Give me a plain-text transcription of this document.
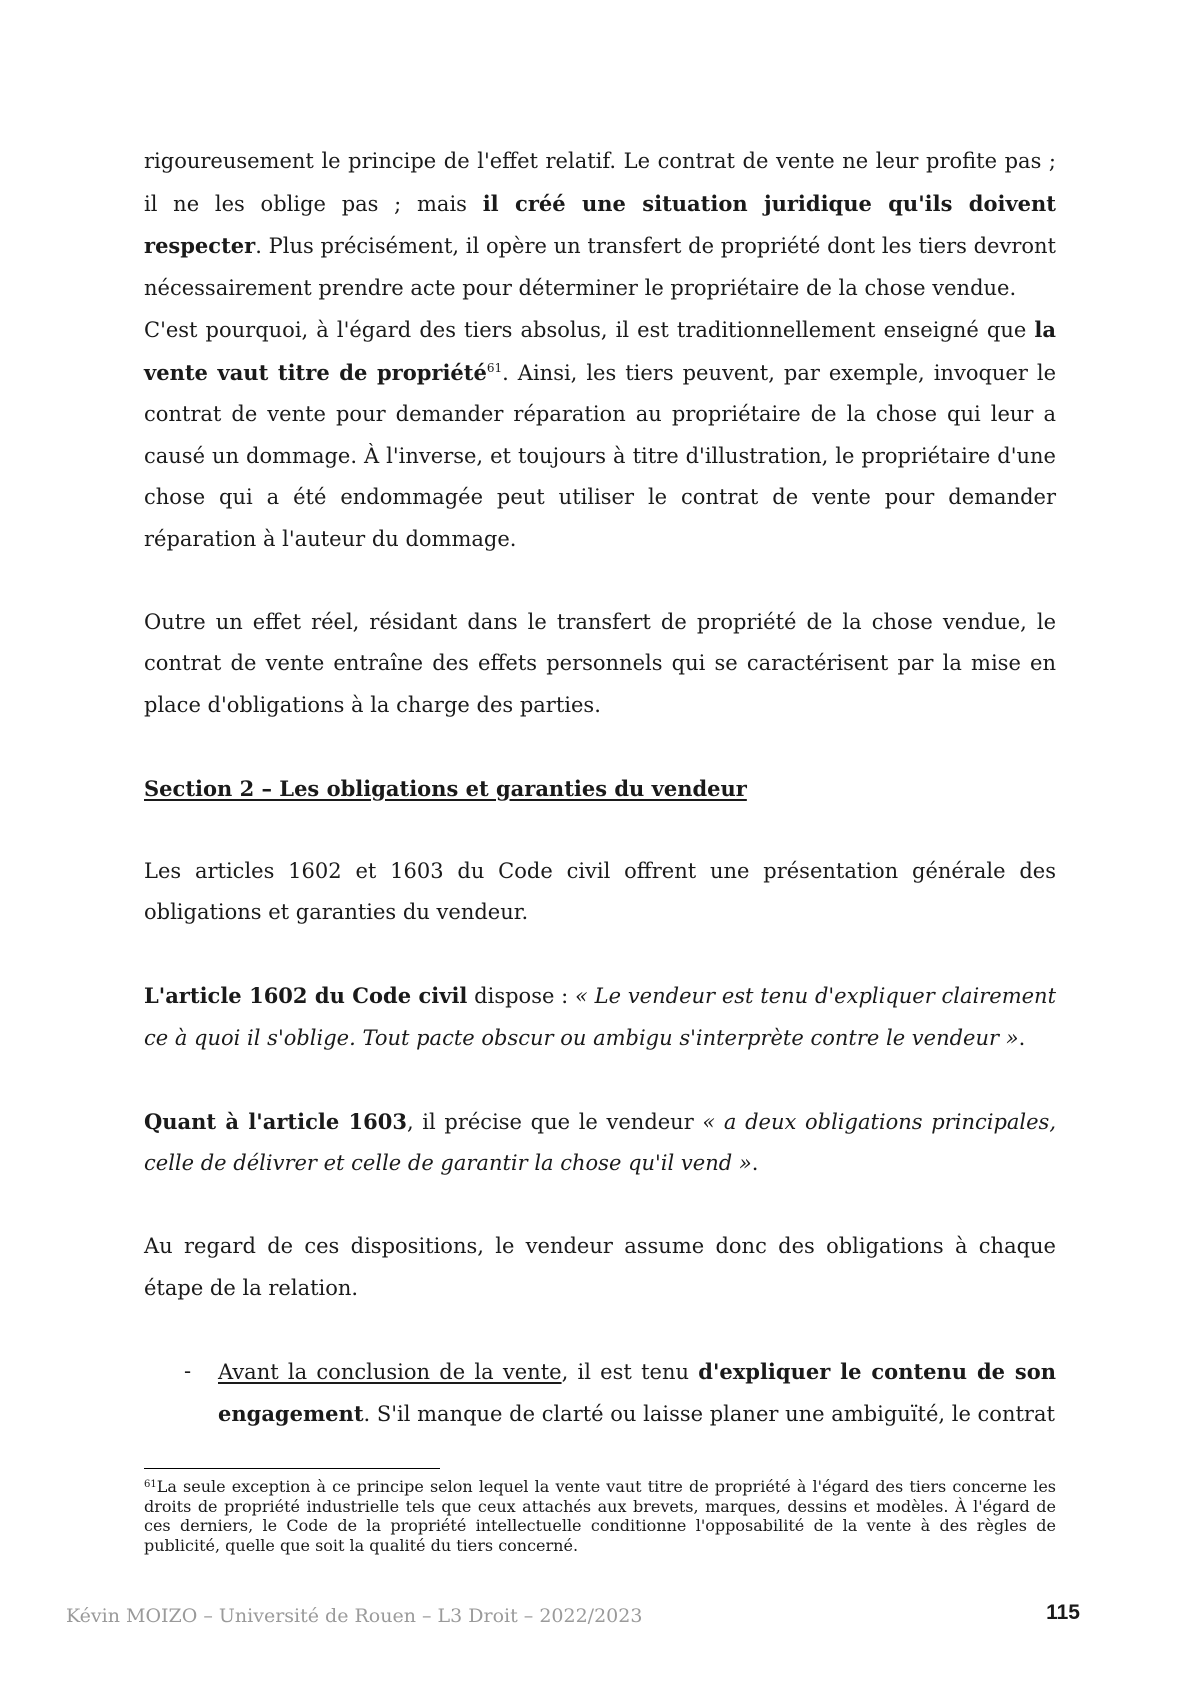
rigoureusement le principe de l'effet relatif. Le contrat de vente ne leur profite pas ; il ne les oblige pas ; mais il créé une situation juridique qu'ils doivent respecter. Plus précisément, il opère un transfert de propriété dont les tiers devront nécessairement prendre acte pour déterminer le propriétaire de la chose vendue.

C'est pourquoi, à l'égard des tiers absolus, il est traditionnellement enseigné que la vente vaut titre de propriété$^{61}$. Ainsi, les tiers peuvent, par exemple, invoquer le contrat de vente pour demander réparation au propriétaire de la chose qui leur a causé un dommage. À l'inverse, et toujours à titre d'illustration, le propriétaire d'une chose qui a été endommagée peut utiliser le contrat de vente pour demander réparation à l'auteur du dommage.

Outre un effet réel, résidant dans le transfert de propriété de la chose vendue, le contrat de vente entraîne des effets personnels qui se caractérisent par la mise en place d'obligations à la charge des parties.

Section 2 – Les obligations et garanties du vendeur

Les articles 1602 et 1603 du Code civil offrent une présentation générale des obligations et garanties du vendeur.

L'article 1602 du Code civil dispose : « Le vendeur est tenu d'expliquer clairement ce à quoi il s'oblige. Tout pacte obscur ou ambigu s'interprète contre le vendeur ».

Quant à l'article 1603, il précise que le vendeur « a deux obligations principales, celle de délivrer et celle de garantir la chose qu'il vend ».

Au regard de ces dispositions, le vendeur assume donc des obligations à chaque étape de la relation.

- Avant la conclusion de la vente, il est tenu d'expliquer le contenu de son engagement. S'il manque de clarté ou laisse planer une ambiguïté, le contrat

$^{61}$La seule exception à ce principe selon lequel la vente vaut titre de propriété à l'égard des tiers concerne les droits de propriété industrielle tels que ceux attachés aux brevets, marques, dessins et modèles. À l'égard de ces derniers, le Code de la propriété intellectuelle conditionne l'opposabilité de la vente à des règles de publicité, quelle que soit la qualité du tiers concerné.

Kévin MOIZO – Université de Rouen – L3 Droit – 2022/2023	115
